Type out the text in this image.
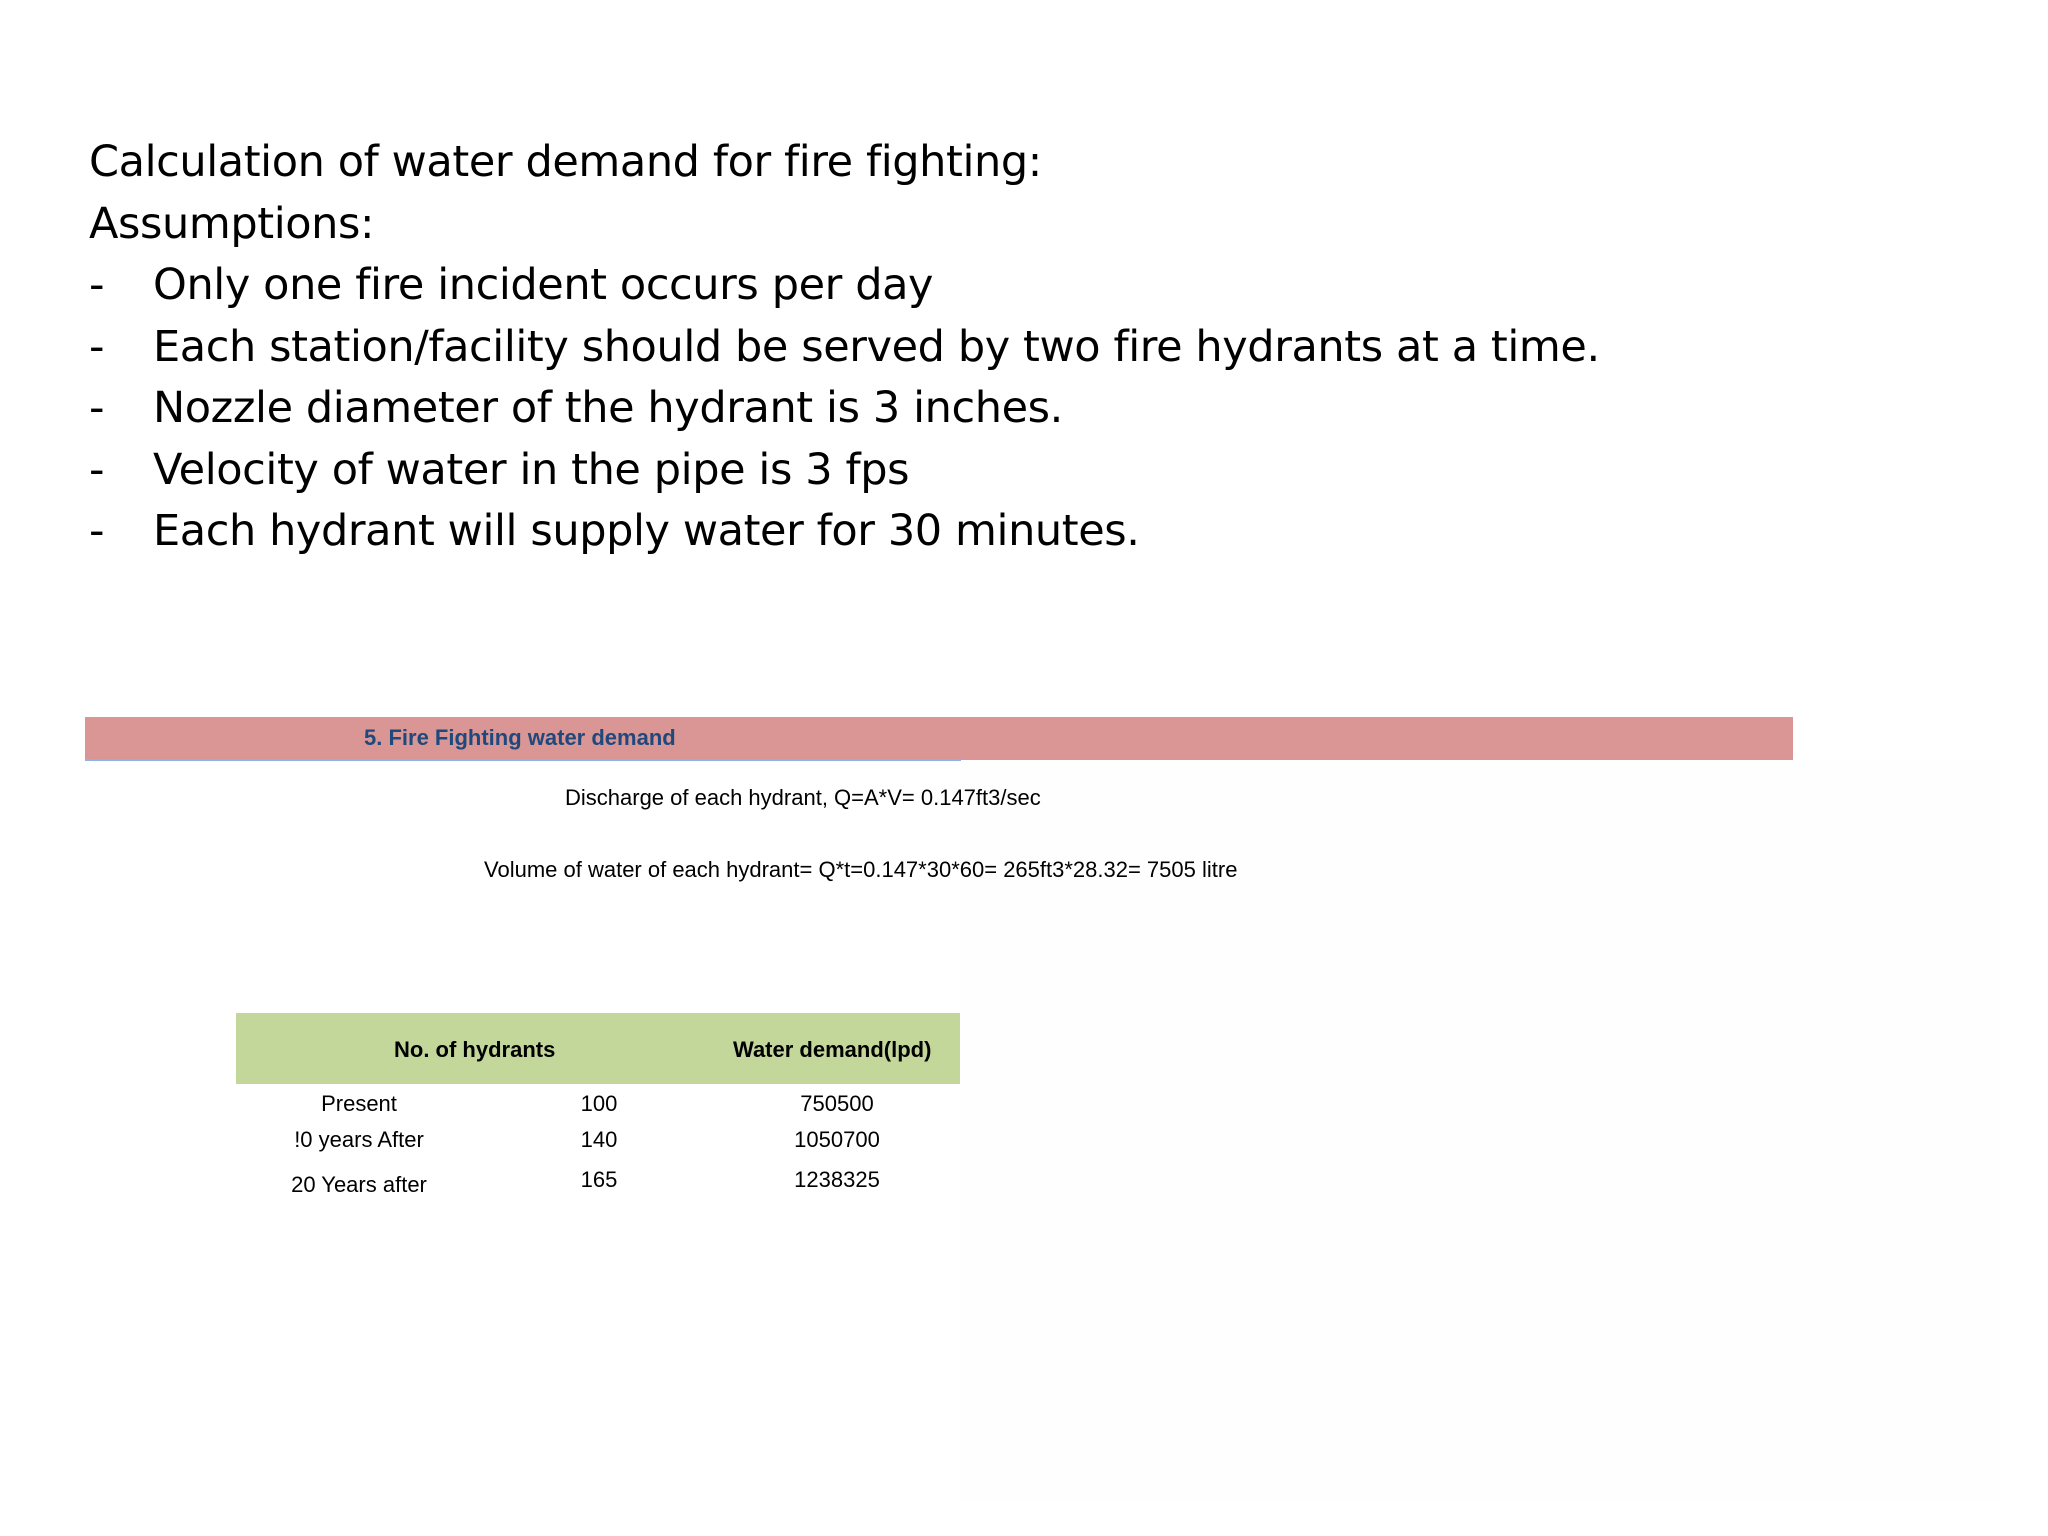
Calculation of water demand for fire fighting:
Assumptions:
-	Only one fire incident occurs per day
-	Each station/facility should be served by two fire hydrants at a time.
-	Nozzle diameter of the hydrant is 3 inches.
-	Velocity of water in the pipe is 3 fps
-	Each hydrant will supply water for 30 minutes.
5. Fire Fighting water demand
Discharge of each hydrant, Q=A*V= 0.147ft3/sec
Volume of water of each hydrant= Q*t=0.147*30*60= 265ft3*28.32= 7505 litre
No. of hydrants	Water demand(lpd)
Present	100	750500
!0 years After	140	1050700
20 Years after	165	1238325
